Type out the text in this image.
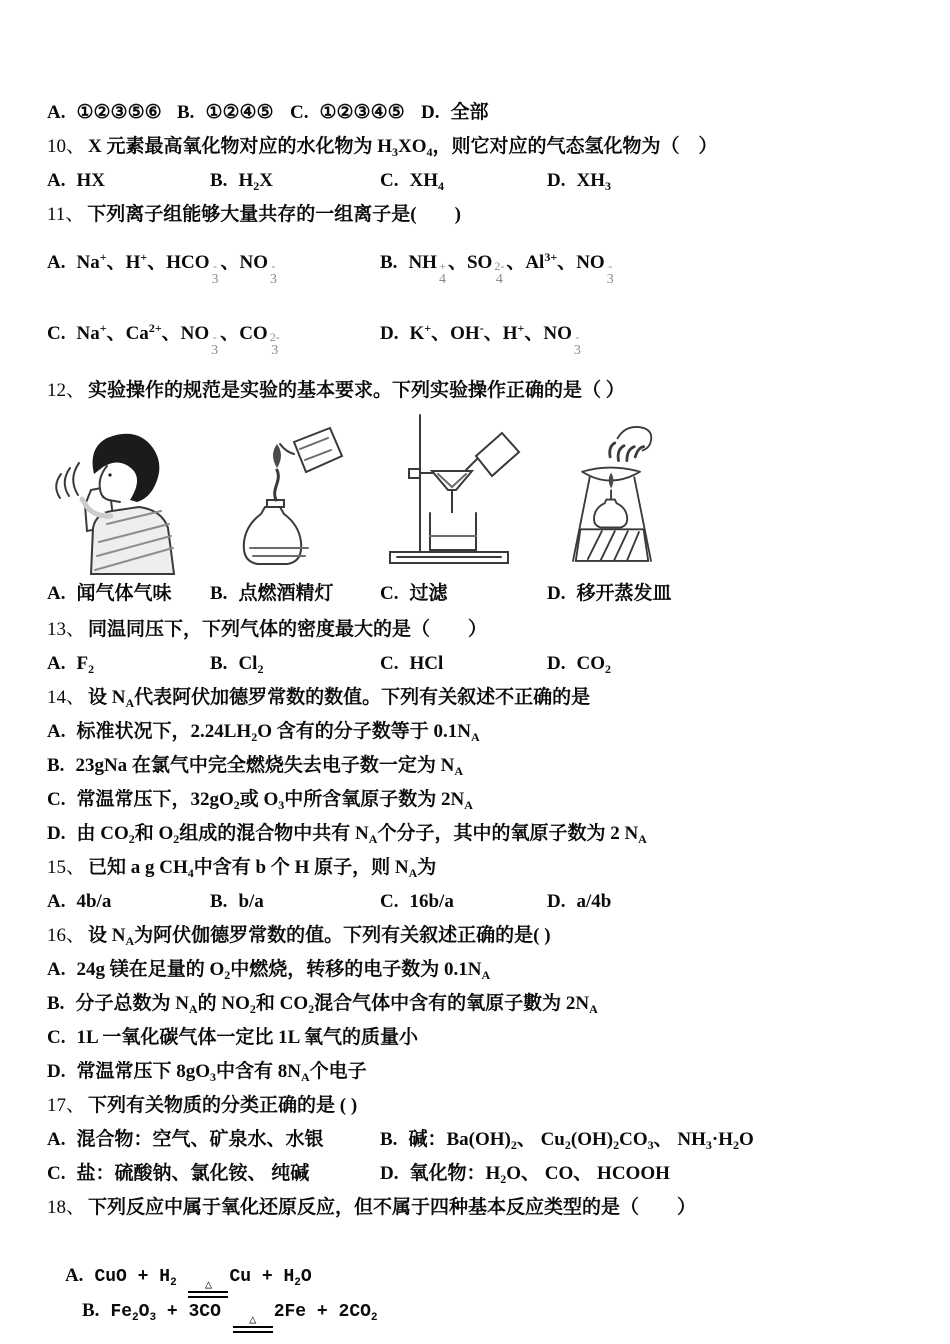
A. ①②③⑤⑥ B. ①②④⑤ C. ①②③④⑤ D. 全部
10、 X 元素最高氧化物对应的水化物为 $H_3XO_4$，则它对应的气态氢化物为（　）
A. HX	B. $H_2X$	C. $XH_4$	D. $XH_3$
11、 下列离子组能够大量共存的一组离子是(　　)
A. Na+、H+、HCO -
3
、NO -
3
B. NH +
4
、SO 2-
4
、$Al^{3+}$、NO -
3
C. Na+、$Ca^{2+}$、NO -
3
、CO 2-
3
D. K+、OH-、H+、NO -
3
12、 实验操作的规范是实验的基本要求。下列实验操作正确的是（ ）
A. 闻气体气味	B. 点燃酒精灯	C. 过滤	D. 移开蒸发皿
13、 同温同压下，下列气体的密度最大的是（　　）
A. $F_2$	B. $Cl_2$	C. HCl	D. $CO_2$
14、 设 $N_A$代表阿伏加德罗常数的数值。下列有关叙述不正确的是
A. 标准状况下，$2.24LH_2O$ 含有的分子数等于 $0.1N_A$
B. 23gNa 在氯气中完全燃烧失去电子数一定为 $N_A$
C. 常温常压下，$32gO_2$或 $O_3$中所含氧原子数为 $2N_A$
D. 由 $CO_2$和 $O_2$组成的混合物中共有 $N_A$个分子，其中的氧原子数为 2 $N_A$
15、 已知 a g $CH_4$中含有 b 个 H 原子，则 $N_A$为
A. 4b/a	B. b/a	C. 16b/a	D. a/4b
16、 设 $N_A$为阿伏伽德罗常数的值。下列有关叙述正确的是( )
A. 24g 镁在足量的 $O_2$中燃烧，转移的电子数为 $0.1N_A$
B. 分子总数为 $N_A$的 $NO_2$和 $CO_2$混合气体中含有的氧原子數为 $2N_A$
C. 1L 一氧化碳气体一定比 1L 氧气的质量小
D. 常温常压下 $8gO_3$中含有 $8N_A$个电子
17、 下列有关物质的分类正确的是 ( )
A. 混合物：空气、矿泉水、水银	B. 碱：$Ba(OH)_2$、 $Cu_2(OH)_2CO_3$、 $NH_3\cdot H_2O$
C. 盐：硫酸钠、氯化铵、 纯碱	D. 氧化物：$H_2O$、 CO、 HCOOH
18、 下列反应中属于氧化还原反应，但不属于四种基本反应类型的是（　　）

A. CuO + $H_2$ △ $Cu + H_2O$
B. $Fe_2O_3 + 3CO$ △ $2Fe + 2CO_2$
